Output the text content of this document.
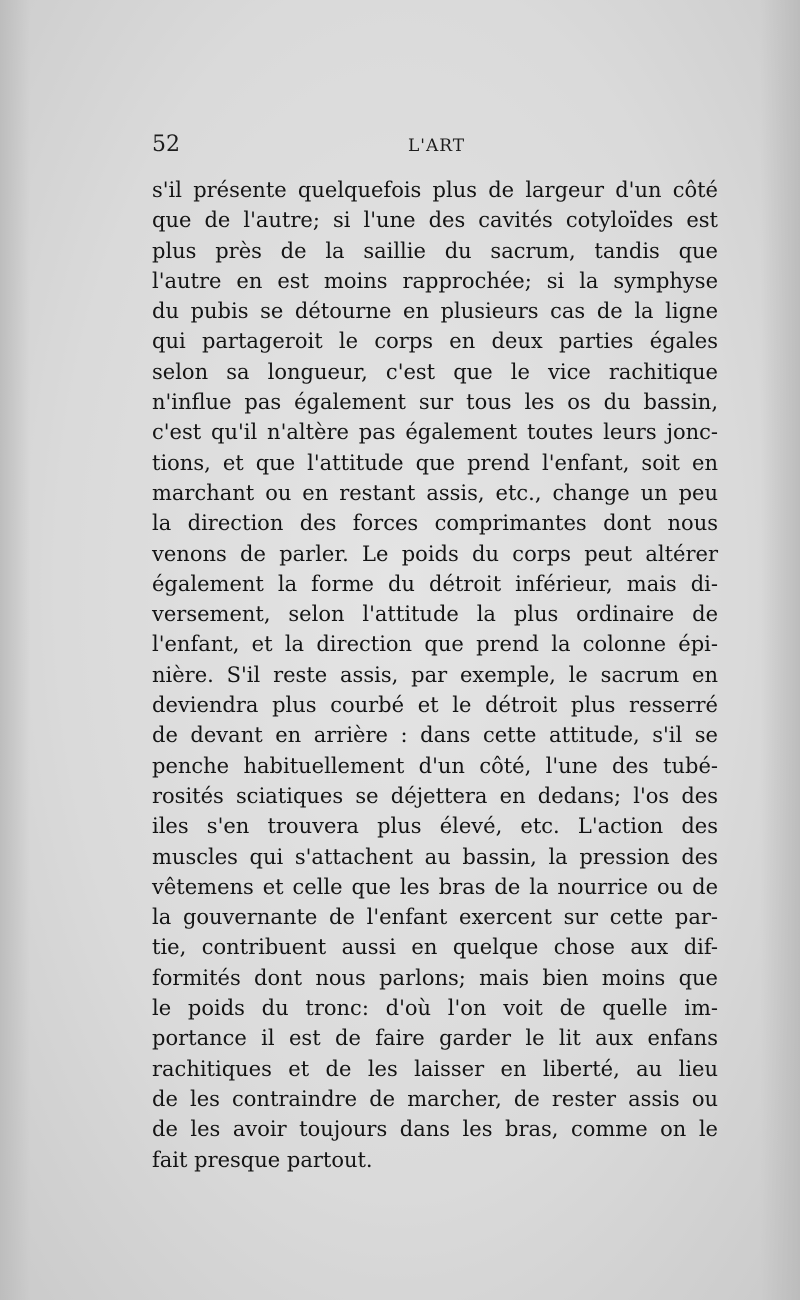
52	L'ART
s'il présente quelquefois plus de largeur d'un côté
que de l'autre; si l'une des cavités cotyloïdes est
plus près de la saillie du sacrum, tandis que
l'autre en est moins rapprochée; si la symphyse
du pubis se détourne en plusieurs cas de la ligne
qui partageroit le corps en deux parties égales
selon sa longueur, c'est que le vice rachitique
n'influe pas également sur tous les os du bassin,
c'est qu'il n'altère pas également toutes leurs jonc-
tions, et que l'attitude que prend l'enfant, soit en
marchant ou en restant assis, etc., change un peu
la direction des forces comprimantes dont nous
venons de parler. Le poids du corps peut altérer
également la forme du détroit inférieur, mais di-
versement, selon l'attitude la plus ordinaire de
l'enfant, et la direction que prend la colonne épi-
nière. S'il reste assis, par exemple, le sacrum en
deviendra plus courbé et le détroit plus resserré
de devant en arrière : dans cette attitude, s'il se
penche habituellement d'un côté, l'une des tubé-
rosités sciatiques se déjettera en dedans; l'os des
iles s'en trouvera plus élevé, etc. L'action des
muscles qui s'attachent au bassin, la pression des
vêtemens et celle que les bras de la nourrice ou de
la gouvernante de l'enfant exercent sur cette par-
tie, contribuent aussi en quelque chose aux dif-
formités dont nous parlons; mais bien moins que
le poids du tronc: d'où l'on voit de quelle im-
portance il est de faire garder le lit aux enfans
rachitiques et de les laisser en liberté, au lieu
de les contraindre de marcher, de rester assis ou
de les avoir toujours dans les bras, comme on le
fait presque partout.
